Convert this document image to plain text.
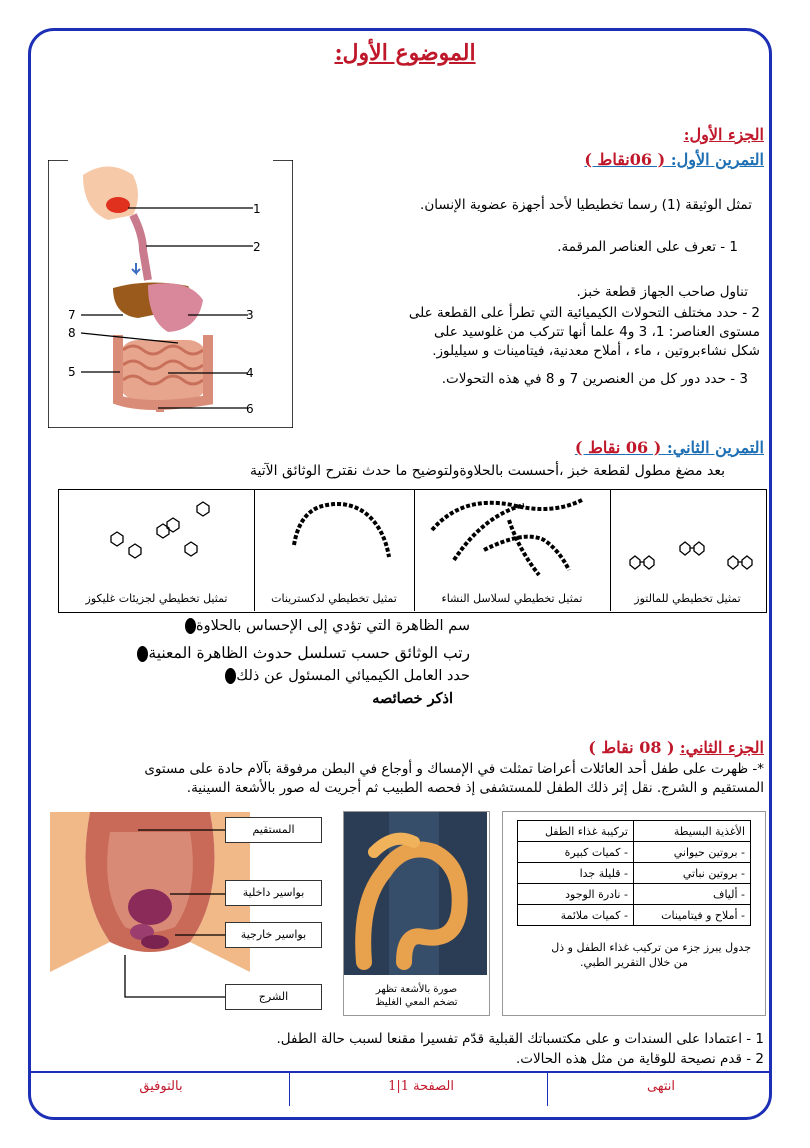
الموضوع الأول:
الجزء الأول:
التمرين الأول: ( 06نقاط )
1
2
3
4
5
6
7
8
تمثل الوثيقة (1) رسما تخطيطيا لأحد أجهزة عضوية الإنسان.
1 - تعرف على العناصر المرقمة.
تناول صاحب الجهاز قطعة خبز.
2 - حدد مختلف التحولات الكيميائية التي تطرأ على القطعة على
مستوى العناصر: 1، 3 و4 علما أنها تتركب من غلوسيد على
شكل نشاءبروتين ، ماء ، أملاح معدنية، فيتامينات و سيليلوز.
3 - حدد دور كل من العنصرين 7 و 8 في هذه التحولات.
التمرين الثاني: ( 06 نقاط )
بعد مضغ مطول لقطعة خبز ،أحسست بالحلاوةولتوضيح ما حدث نقترح الوثائق الآتية
تمثيل تخطيطي لجزيئات غليكوز	تمثيل تخطيطي لدكسترينات	تمثيل تخطيطي لسلاسل النشاء	تمثيل تخطيطي للمالتوز
سم الظاهرة التي تؤدي إلى الإحساس بالحلاوة
رتب الوثائق حسب تسلسل حدوث الظاهرة المعنية
حدد العامل الكيميائي المسئول عن ذلك
اذكر خصائصه
الجزء الثاني: ( 08 نقاط )
*- ظهرت على طفل أحد العائلات أعراضا تمثلت في الإمساك و أوجاع في البطن مرفوقة بآلام حادة على مستوى
المستقيم و الشرج. نقل إثر ذلك الطفل للمستشفى إذ فحصه الطبيب ثم أجريت له صور بالأشعة السينية.
المستقيم
بواسير داخلية
بواسير خارجية
الشرج
صورة بالأشعة تظهر
تضخم المعي الغليظ
الأغذية البسيطة	تركيبة غذاء الطفل
- بروتين حيواني	- كميات كبيرة
- بروتين نباتي	- قليلة جدا
- ألياف	- نادرة الوجود
- أملاح و فيتامينات	- كميات ملائمة
جدول يبرز جزء من تركيب غذاء الطفل و ذل
من خلال التقرير الطبي.
1 - اعتمادا على السندات و على مكتسباتك القبلية قدّم تفسيرا مقنعا لسبب حالة الطفل.
2 - قدم نصيحة للوقاية من مثل هذه الحالات.
بالتوفيق	الصفحة 1|1	انتهى
